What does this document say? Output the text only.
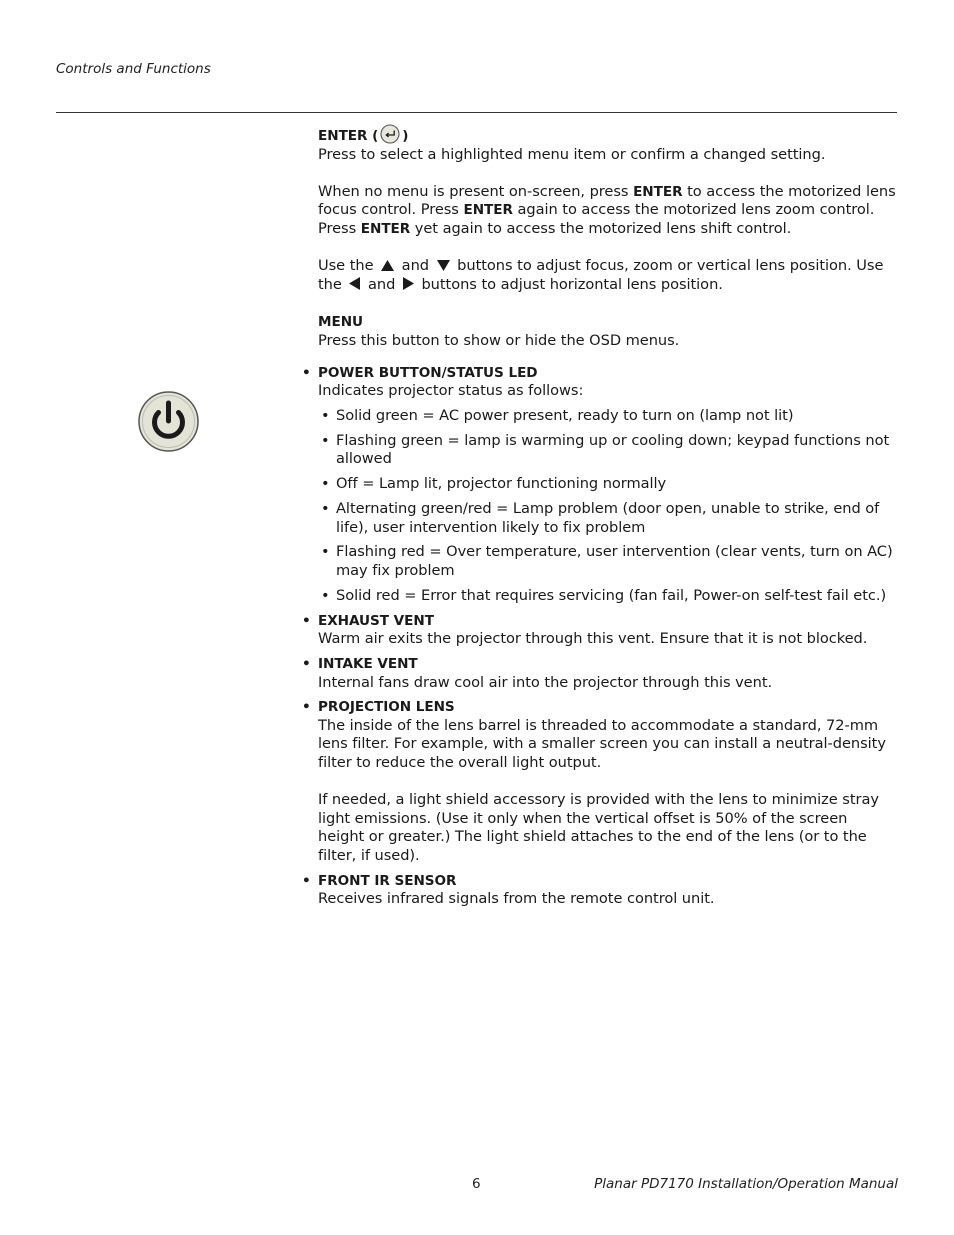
Controls and Functions
ENTER ( )

Press to select a highlighted menu item or confirm a changed setting.

When no menu is present on-screen, press ENTER to access the motorized lens focus control. Press ENTER again to access the motorized lens zoom control. Press ENTER yet again to access the motorized lens shift control.

Use the  and  buttons to adjust focus, zoom or vertical lens position. Use the  and  buttons to adjust horizontal lens position.

MENU

Press this button to show or hide the OSD menus.

• POWER BUTTON/STATUS LED

Indicates projector status as follows:

• Solid green = AC power present, ready to turn on (lamp not lit)
• Flashing green = lamp is warming up or cooling down; keypad functions not allowed
• Off = Lamp lit, projector functioning normally
• Alternating green/red = Lamp problem (door open, unable to strike, end of life), user intervention likely to fix problem
• Flashing red = Over temperature, user intervention (clear vents, turn on AC) may fix problem
• Solid red = Error that requires servicing (fan fail, Power-on self-test fail etc.)
• EXHAUST VENT

Warm air exits the projector through this vent. Ensure that it is not blocked.

• INTAKE VENT

Internal fans draw cool air into the projector through this vent.

• PROJECTION LENS

The inside of the lens barrel is threaded to accommodate a standard, 72-mm lens filter. For example, with a smaller screen you can install a neutral-density filter to reduce the overall light output.

If needed, a light shield accessory is provided with the lens to minimize stray light emissions. (Use it only when the vertical offset is 50% of the screen height or greater.) The light shield attaches to the end of the lens (or to the filter, if used).

• FRONT IR SENSOR

Receives infrared signals from the remote control unit.

6	Planar PD7170 Installation/Operation Manual
